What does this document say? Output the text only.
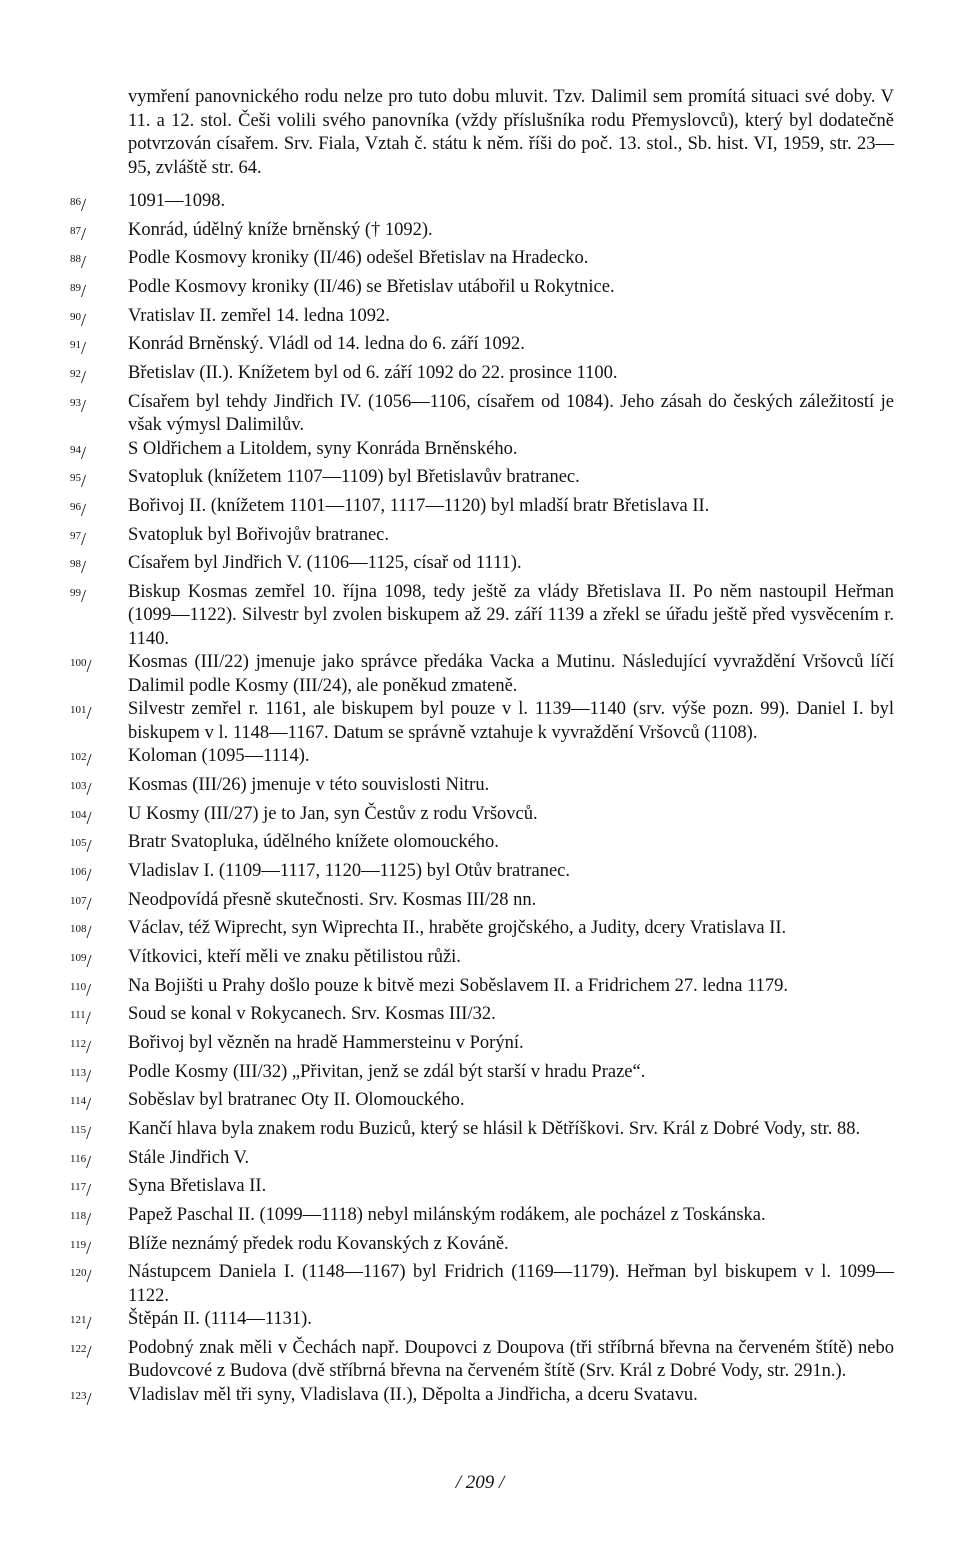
vymření panovnického rodu nelze pro tuto dobu mluvit. Tzv. Dalimil sem promítá situaci své doby. V 11. a 12. stol. Češi volili svého panovníka (vždy příslušníka rodu Přemyslovců), který byl dodatečně potvrzován císařem. Srv. Fiala, Vztah č. státu k něm. říši do poč. 13. stol., Sb. hist. VI, 1959, str. 23—95, zvláště str. 64.
$^{86}$/	1091—1098.
$^{87}$/	Konrád, údělný kníže brněnský († 1092).
$^{88}$/	Podle Kosmovy kroniky (II/46) odešel Břetislav na Hradecko.
$^{89}$/	Podle Kosmovy kroniky (II/46) se Břetislav utábořil u Rokytnice.
$^{90}$/	Vratislav II. zemřel 14. ledna 1092.
$^{91}$/	Konrád Brněnský. Vládl od 14. ledna do 6. září 1092.
$^{92}$/	Břetislav (II.). Knížetem byl od 6. září 1092 do 22. prosince 1100.
$^{93}$/	Císařem byl tehdy Jindřich IV. (1056—1106, císařem od 1084). Jeho zásah do českých záležitostí je však výmysl Dalimilův.
$^{94}$/	S Oldřichem a Litoldem, syny Konráda Brněnského.
$^{95}$/	Svatopluk (knížetem 1107—1109) byl Břetislavův bratranec.
$^{96}$/	Bořivoj II. (knížetem 1101—1107, 1117—1120) byl mladší bratr Břetislava II.
$^{97}$/	Svatopluk byl Bořivojův bratranec.
$^{98}$/	Císařem byl Jindřich V. (1106—1125, císař od 1111).
$^{99}$/	Biskup Kosmas zemřel 10. října 1098, tedy ještě za vlády Břetislava II. Po něm nastoupil Heřman (1099—1122). Silvestr byl zvolen biskupem až 29. září 1139 a zřekl se úřadu ještě před vysvěcením r. 1140.
$^{100}$/	Kosmas (III/22) jmenuje jako správce předáka Vacka a Mutinu. Následující vyvraždění Vršovců líčí Dalimil podle Kosmy (III/24), ale poněkud zmateně.
$^{101}$/	Silvestr zemřel r. 1161, ale biskupem byl pouze v l. 1139—1140 (srv. výše pozn. 99). Daniel I. byl biskupem v l. 1148—1167. Datum se správně vztahuje k vyvraždění Vršovců (1108).
$^{102}$/	Koloman (1095—1114).
$^{103}$/	Kosmas (III/26) jmenuje v této souvislosti Nitru.
$^{104}$/	U Kosmy (III/27) je to Jan, syn Čestův z rodu Vršovců.
$^{105}$/	Bratr Svatopluka, údělného knížete olomouckého.
$^{106}$/	Vladislav I. (1109—1117, 1120—1125) byl Otův bratranec.
$^{107}$/	Neodpovídá přesně skutečnosti. Srv. Kosmas III/28 nn.
$^{108}$/	Václav, též Wiprecht, syn Wiprechta II., hraběte grojčského, a Judity, dcery Vratislava II.
$^{109}$/	Vítkovici, kteří měli ve znaku pětilistou růži.
$^{110}$/	Na Bojišti u Prahy došlo pouze k bitvě mezi Soběslavem II. a Fridrichem 27. ledna 1179.
$^{111}$/	Soud se konal v Rokycanech. Srv. Kosmas III/32.
$^{112}$/	Bořivoj byl vězněn na hradě Hammersteinu v Porýní.
$^{113}$/	Podle Kosmy (III/32) „Přivitan, jenž se zdál být starší v hradu Praze“.
$^{114}$/	Soběslav byl bratranec Oty II. Olomouckého.
$^{115}$/	Kančí hlava byla znakem rodu Buziců, který se hlásil k Dětříškovi. Srv. Král z Dobré Vody, str. 88.
$^{116}$/	Stále Jindřich V.
$^{117}$/	Syna Břetislava II.
$^{118}$/	Papež Paschal II. (1099—1118) nebyl milánským rodákem, ale pocházel z Toskánska.
$^{119}$/	Blíže neznámý předek rodu Kovanských z Kováně.
$^{120}$/	Nástupcem Daniela I. (1148—1167) byl Fridrich (1169—1179). Heřman byl biskupem v l. 1099—1122.
$^{121}$/	Štěpán II. (1114—1131).
$^{122}$/	Podobný znak měli v Čechách např. Doupovci z Doupova (tři stříbrná břevna na červeném štítě) nebo Budovcové z Budova (dvě stříbrná břevna na červeném štítě (Srv. Král z Dobré Vody, str. 291n.).
$^{123}$/	Vladislav měl tři syny, Vladislava (II.), Děpolta a Jindřicha, a dceru Svatavu.
/ 209 /
